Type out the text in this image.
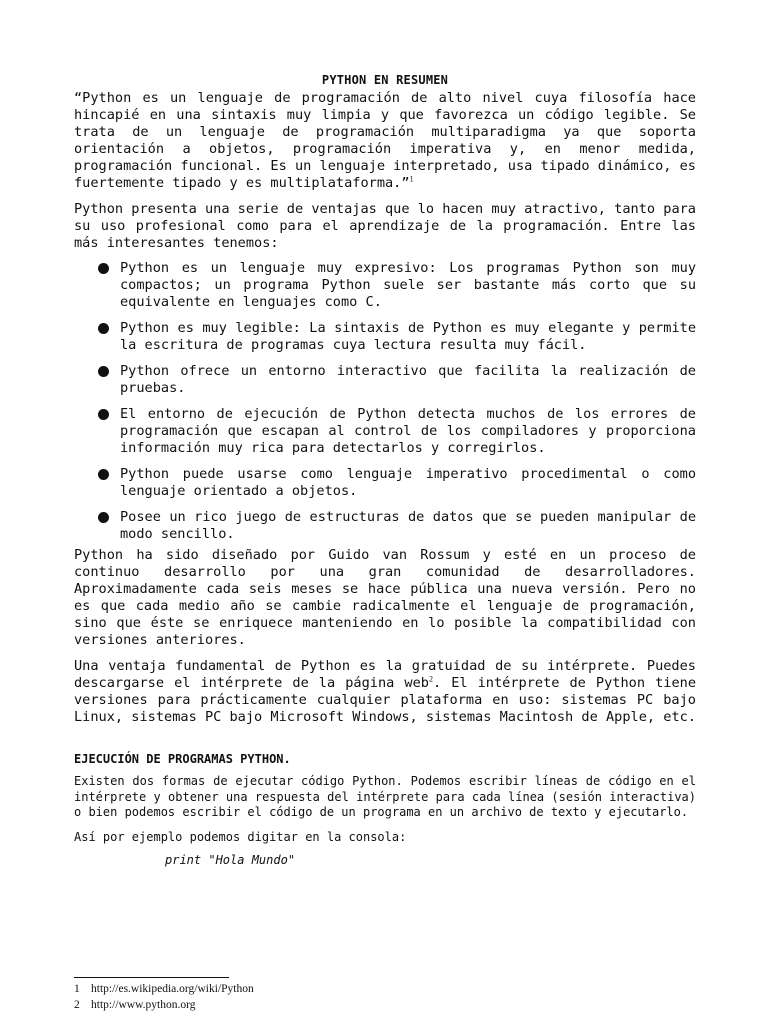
PYTHON EN RESUMEN

“Python es un lenguaje de programación de alto nivel cuya filosofía hace hincapié en una sintaxis muy limpia y que favorezca un código legible. Se trata de un lenguaje de programación multiparadigma ya que soporta orientación a objetos, programación imperativa y, en menor medida, programación funcional. Es un lenguaje interpretado, usa tipado dinámico, es fuertemente tipado y es multiplataforma.”$^1$

Python presenta una serie de ventajas que lo hacen muy atractivo, tanto para su uso profesional como para el aprendizaje de la programación. Entre las más interesantes tenemos:

Python es un lenguaje muy expresivo: Los programas Python son muy compactos; un programa Python suele ser bastante más corto que su equivalente en lenguajes como C.
Python es muy legible: La sintaxis de Python es muy elegante y permite la escritura de programas cuya lectura resulta muy fácil.
Python ofrece un entorno interactivo que facilita la realización de pruebas.
El entorno de ejecución de Python detecta muchos de los errores de programación que escapan al control de los compiladores y proporciona información muy rica para detectarlos y corregirlos.
Python puede usarse como lenguaje imperativo procedimental o como lenguaje orientado a objetos.
Posee un rico juego de estructuras de datos que se pueden manipular de modo sencillo.

Python ha sido diseñado por Guido van Rossum y esté en un proceso de continuo desarrollo por una gran comunidad de desarrolladores. Aproximadamente cada seis meses se hace pública una nueva versión. Pero no es que cada medio año se cambie radicalmente el lenguaje de programación, sino que éste se enriquece manteniendo en lo posible la compatibilidad con versiones anteriores.

Una ventaja fundamental de Python es la gratuidad de su intérprete. Puedes descargarse el intérprete de la página web$^2$. El intérprete de Python tiene versiones para prácticamente cualquier plataforma en uso: sistemas PC bajo Linux, sistemas PC bajo Microsoft Windows, sistemas Macintosh de Apple, etc.

EJECUCIÓN DE PROGRAMAS PYTHON.

Existen dos formas de ejecutar código Python. Podemos escribir líneas de código en el intérprete y obtener una respuesta del intérprete para cada línea (sesión interactiva) o bien podemos escribir el código de un programa en un archivo de texto y ejecutarlo.

Así por ejemplo podemos digitar en la consola:

print "Hola Mundo"

1 http://es.wikipedia.org/wiki/Python
2 http://www.python.org
